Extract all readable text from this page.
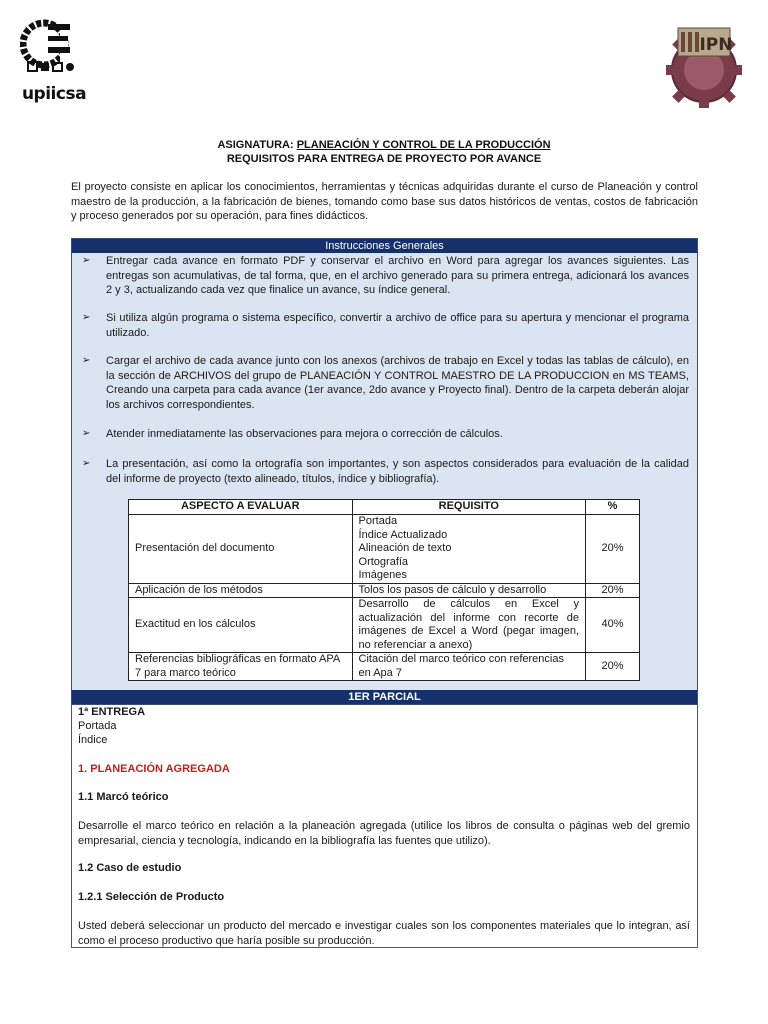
upiicsa
IPN
ASIGNATURA: PLANEACIÓN Y CONTROL DE LA PRODUCCIÓN
REQUISITOS PARA ENTREGA DE PROYECTO POR AVANCE
El proyecto consiste en aplicar los conocimientos, herramientas y técnicas adquiridas durante el curso de Planeación y control maestro de la producción, a la fabricación de bienes, tomando como base sus datos históricos de ventas, costos de fabricación y proceso generados por su operación, para fines didácticos.
Instrucciones Generales
➢ Entregar cada avance en formato PDF y conservar el archivo en Word para agregar los avances siguientes. Las entregas son acumulativas, de tal forma, que, en el archivo generado para su primera entrega, adicionará los avances 2 y 3, actualizando cada vez que finalice un avance, su índice general.
➢ Si utiliza algún programa o sistema específico, convertir a archivo de office para su apertura y mencionar el programa utilizado.
➢ Cargar el archivo de cada avance junto con los anexos (archivos de trabajo en Excel y todas las tablas de cálculo), en la sección de ARCHIVOS del grupo de PLANEACIÓN Y CONTROL MAESTRO DE LA PRODUCCION en MS TEAMS, Creando una carpeta para cada avance (1er avance, 2do avance y Proyecto final). Dentro de la carpeta deberán alojar los archivos correspondientes.
➢ Atender inmediatamente las observaciones para mejora o corrección de cálculos.
➢ La presentación, así como la ortografía son importantes, y son aspectos considerados para evaluación de la calidad del informe de proyecto (texto alineado, títulos, índice y bibliografía).
ASPECTO A EVALUAR	REQUISITO	%
Presentación del documento	Portada
Índice Actualizado
Alineación de texto
Ortografía
Imágenes	20%
Aplicación de los métodos	Tolos los pasos de cálculo y desarrollo	20%
Exactitud en los cálculos	Desarrollo de cálculos en Excel y actualización del informe con recorte de imágenes de Excel a Word (pegar imagen, no referenciar a anexo)	40%
Referencias bibliográficas en formato APA 7 para marco teórico	Citación del marco teórico con referencias en Apa 7	20%
1ER PARCIAL
1ª ENTREGA
Portada
Índice
1. PLANEACIÓN AGREGADA
1.1 Marcó teórico
Desarrolle el marco teórico en relación a la planeación agregada (utilice los libros de consulta o páginas web del gremio empresarial, ciencia y tecnología, indicando en la bibliografía las fuentes que utilizo).
1.2 Caso de estudio
1.2.1 Selección de Producto
Usted deberá seleccionar un producto del mercado e investigar cuales son los componentes materiales que lo integran, así como el proceso productivo que haría posible su producción.
